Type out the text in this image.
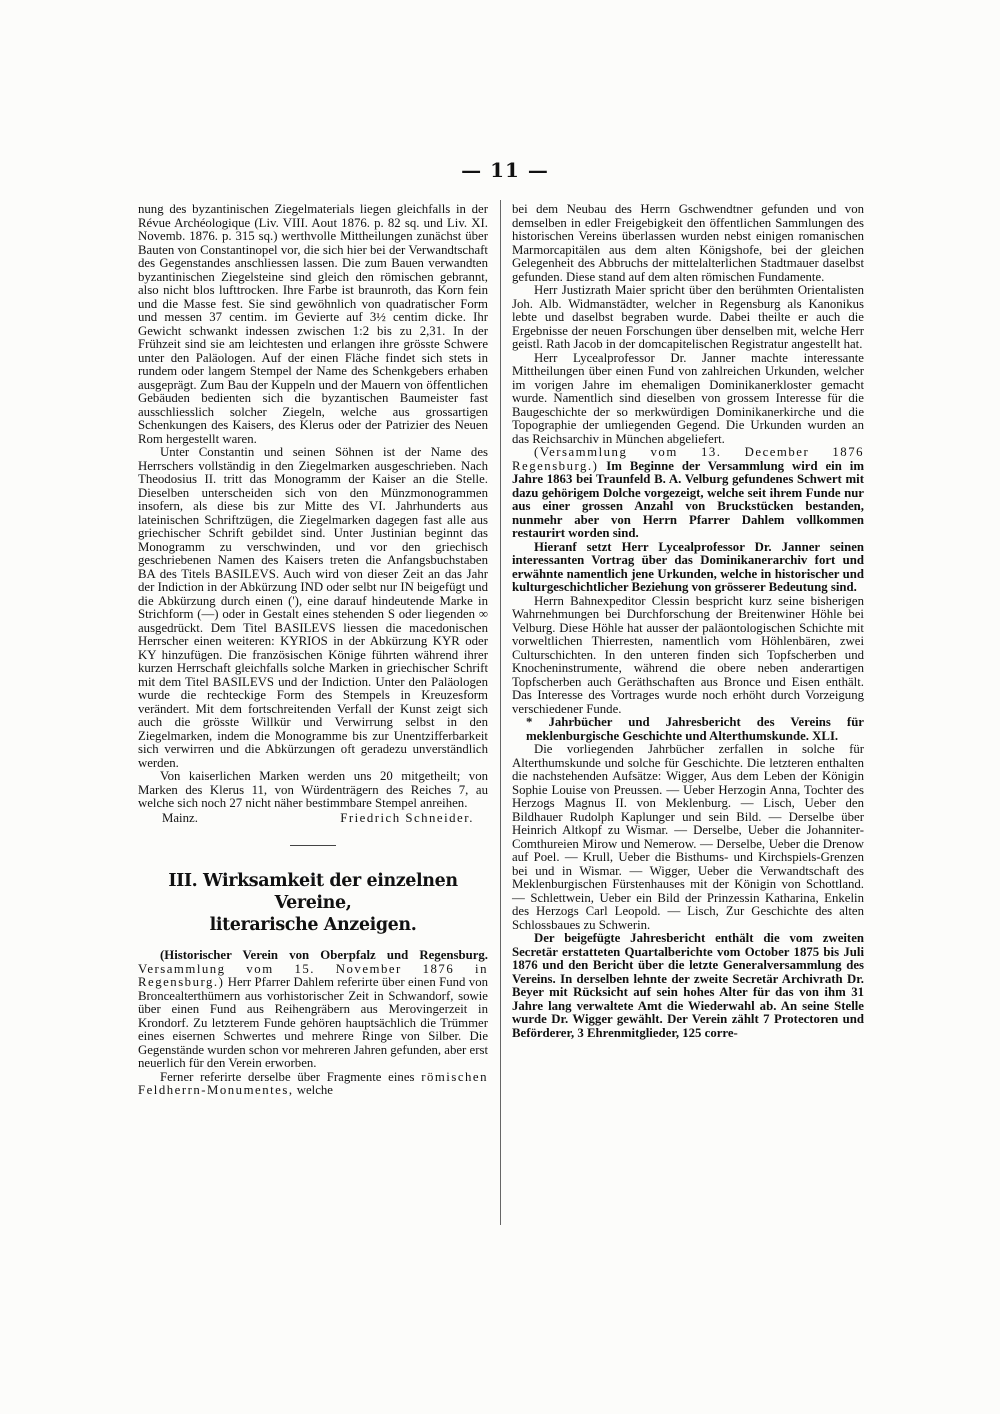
— 11 —

nung des byzantinischen Ziegelmaterials liegen gleichfalls in der Révue Archéologique (Liv. VIII. Aout 1876. p. 82 sq. und Liv. XI. Novemb. 1876. p. 315 sq.) werthvolle Mittheilungen zunächst über Bauten von Constantinopel vor, die sich hier bei der Verwandtschaft des Gegenstandes anschliessen lassen. Die zum Bauen verwandten byzantinischen Ziegelsteine sind gleich den römischen gebrannt, also nicht blos lufttrocken. Ihre Farbe ist braunroth, das Korn fein und die Masse fest. Sie sind gewöhnlich von quadratischer Form und messen 37 centim. im Gevierte auf 3½ centim dicke. Ihr Gewicht schwankt indessen zwischen 1:2 bis zu 2,31. In der Frühzeit sind sie am leichtesten und erlangen ihre grösste Schwere unter den Paläologen. Auf der einen Fläche findet sich stets in rundem oder langem Stempel der Name des Schenkgebers erhaben ausgeprägt. Zum Bau der Kuppeln und der Mauern von öffentlichen Gebäuden bedienten sich die byzantischen Baumeister fast ausschliesslich solcher Ziegeln, welche aus grossartigen Schenkungen des Kaisers, des Klerus oder der Patrizier des Neuen Rom hergestellt waren.

Unter Constantin und seinen Söhnen ist der Name des Herrschers vollständig in den Ziegelmarken ausgeschrieben. Nach Theodosius II. tritt das Monogramm der Kaiser an die Stelle. Dieselben unterscheiden sich von den Münzmonogrammen insofern, als diese bis zur Mitte des VI. Jahrhunderts aus lateinischen Schriftzügen, die Ziegelmarken dagegen fast alle aus griechischer Schrift gebildet sind. Unter Justinian beginnt das Monogramm zu verschwinden, und vor den griechisch geschriebenen Namen des Kaisers treten die Anfangsbuchstaben BA des Titels BASILEVS. Auch wird von dieser Zeit an das Jahr der Indiction in der Abkürzung IND oder selbt nur IN beigefügt und die Abkürzung durch einen ('), eine darauf hindeutende Marke in Strichform (—) oder in Gestalt eines stehenden S oder liegenden ∞ ausgedrückt. Dem Titel BASILEVS liessen die macedonischen Herrscher einen weiteren: KYRIOS in der Abkürzung KYR oder KY hinzufügen. Die französischen Könige führten während ihrer kurzen Herrschaft gleichfalls solche Marken in griechischer Schrift mit dem Titel BASILEVS und der Indiction. Unter den Paläologen wurde die rechteckige Form des Stempels in Kreuzesform verändert. Mit dem fortschreitenden Verfall der Kunst zeigt sich auch die grösste Willkür und Verwirrung selbst in den Ziegelmarken, indem die Monogramme bis zur Unentzifferbarkeit sich verwirren und die Abkürzungen oft geradezu unverständlich werden.

Von kaiserlichen Marken werden uns 20 mitgetheilt; von Marken des Klerus 11, von Würdenträgern des Reiches 7, au welche sich noch 27 nicht näher bestimmbare Stempel anreihen.

Mainz.	Friedrich Schneider.
III. Wirksamkeit der einzelnen Vereine,
literarische Anzeigen.

(Historischer Verein von Oberpfalz und Regensburg. Versammlung vom 15. November 1876 in Regensburg.) Herr Pfarrer Dahlem referirte über einen Fund von Broncealterthümern aus vorhistorischer Zeit in Schwandorf, sowie über einen Fund aus Reihengräbern aus Merovingerzeit in Krondorf. Zu letzterem Funde gehören hauptsächlich die Trümmer eines eisernen Schwertes und mehrere Ringe von Silber. Die Gegenstände wurden schon vor mehreren Jahren gefunden, aber erst neuerlich für den Verein erworben.

Ferner referirte derselbe über Fragmente eines römischen Feldherrn-Monumentes, welche

bei dem Neubau des Herrn Gschwendtner gefunden und von demselben in edler Freigebigkeit den öffentlichen Sammlungen des historischen Vereins überlassen wurden nebst einigen romanischen Marmorcapitälen aus dem alten Königshofe, bei der gleichen Gelegenheit des Abbruchs der mittelalterlichen Stadtmauer daselbst gefunden. Diese stand auf dem alten römischen Fundamente.

Herr Justizrath Maier spricht über den berühmten Orientalisten Joh. Alb. Widmanstädter, welcher in Regensburg als Kanonikus lebte und daselbst begraben wurde. Dabei theilte er auch die Ergebnisse der neuen Forschungen über denselben mit, welche Herr geistl. Rath Jacob in der domcapitelischen Registratur angestellt hat.

Herr Lycealprofessor Dr. Janner machte interessante Mittheilungen über einen Fund von zahlreichen Urkunden, welcher im vorigen Jahre im ehemaligen Dominikanerkloster gemacht wurde. Namentlich sind dieselben von grossem Interesse für die Baugeschichte der so merkwürdigen Dominikanerkirche und die Topographie der umliegenden Gegend. Die Urkunden wurden an das Reichsarchiv in München abgeliefert.

(Versammlung vom 13. December 1876 Regensburg.) Im Beginne der Versammlung wird ein im Jahre 1863 bei Traunfeld B. A. Velburg gefundenes Schwert mit dazu gehörigem Dolche vorgezeigt, welche seit ihrem Funde nur aus einer grossen Anzahl von Bruckstücken bestanden, nunmehr aber von Herrn Pfarrer Dahlem vollkommen restaurirt worden sind.

Hieranf setzt Herr Lycealprofessor Dr. Janner seinen interessanten Vortrag über das Dominikanerarchiv fort und erwähnte namentlich jene Urkunden, welche in historischer und kulturgeschichtlicher Beziehung von grösserer Bedeutung sind.

Herrn Bahnexpeditor Clessin bespricht kurz seine bisherigen Wahrnehmungen bei Durchforschung der Breitenwiner Höhle bei Velburg. Diese Höhle hat ausser der paläontologischen Schichte mit vorweltlichen Thierresten, namentlich vom Höhlenbären, zwei Culturschichten. In den unteren finden sich Topfscherben und Knocheninstrumente, während die obere neben anderartigen Topfscherben auch Geräthschaften aus Bronce und Eisen enthält. Das Interesse des Vortrages wurde noch erhöht durch Vorzeigung verschiedener Funde.

* Jahrbücher und Jahresbericht des Vereins für meklenburgische Geschichte und Alterthumskunde. XLI.

Die vorliegenden Jahrbücher zerfallen in solche für Alterthumskunde und solche für Geschichte. Die letzteren enthalten die nachstehenden Aufsätze: Wigger, Aus dem Leben der Königin Sophie Louise von Preussen. — Ueber Herzogin Anna, Tochter des Herzogs Magnus II. von Meklenburg. — Lisch, Ueber den Bildhauer Rudolph Kaplunger und sein Bild. — Derselbe über Heinrich Altkopf zu Wismar. — Derselbe, Ueber die Johanniter-Comthureien Mirow und Nemerow. — Derselbe, Ueber die Drenow auf Poel. — Krull, Ueber die Bisthums- und Kirchspiels-Grenzen bei und in Wismar. — Wigger, Ueber die Verwandtschaft des Meklenburgischen Fürstenhauses mit der Königin von Schottland. — Schlettwein, Ueber ein Bild der Prinzessin Katharina, Enkelin des Herzogs Carl Leopold. — Lisch, Zur Geschichte des alten Schlossbaues zu Schwerin.

Der beigefügte Jahresbericht enthält die vom zweiten Secretär erstatteten Quartalberichte vom October 1875 bis Juli 1876 und den Bericht über die letzte Generalversammlung des Vereins. In derselben lehnte der zweite Secretär Archivrath Dr. Beyer mit Rücksicht auf sein hohes Alter für das von ihm 31 Jahre lang verwaltete Amt die Wiederwahl ab. An seine Stelle wurde Dr. Wigger gewählt. Der Verein zählt 7 Protectoren und Beförderer, 3 Ehrenmitglieder, 125 corre-
